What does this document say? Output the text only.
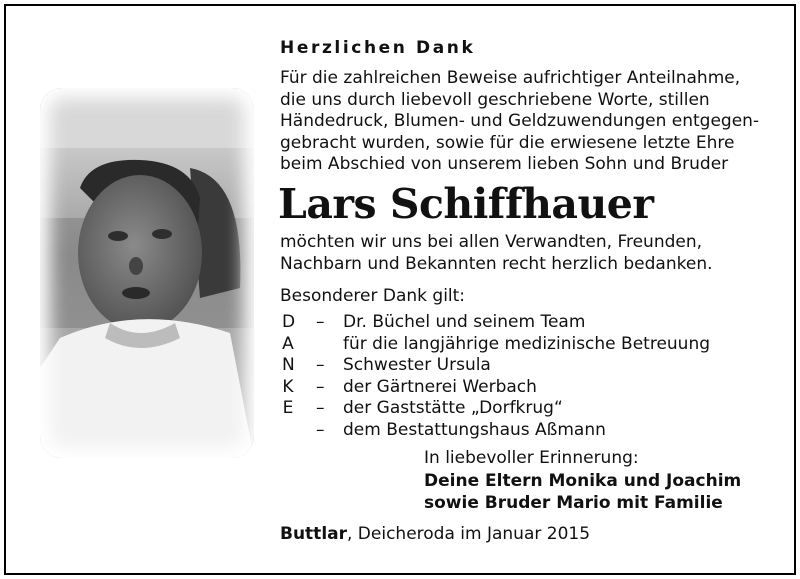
Herzlichen Dank
Für die zahlreichen Beweise aufrichtiger Anteilnahme,
die uns durch liebevoll geschriebene Worte, stillen
Händedruck, Blumen- und Geldzuwendungen entgegen-
gebracht wurden, sowie für die erwiesene letzte Ehre
beim Abschied von unserem lieben Sohn und Bruder
Lars Schiffhauer
möchten wir uns bei allen Verwandten, Freunden,
Nachbarn und Bekannten recht herzlich bedanken.
Besonderer Dank gilt:
D
A
N
K
E
– Dr. Büchel und seinem Team
für die langjährige medizinische Betreuung
– Schwester Ursula
– der Gärtnerei Werbach
– der Gaststätte „Dorfkrug“
– dem Bestattungshaus Aßmann
In liebevoller Erinnerung:
Deine Eltern Monika und Joachim
sowie Bruder Mario mit Familie
Buttlar, Deicheroda im Januar 2015
